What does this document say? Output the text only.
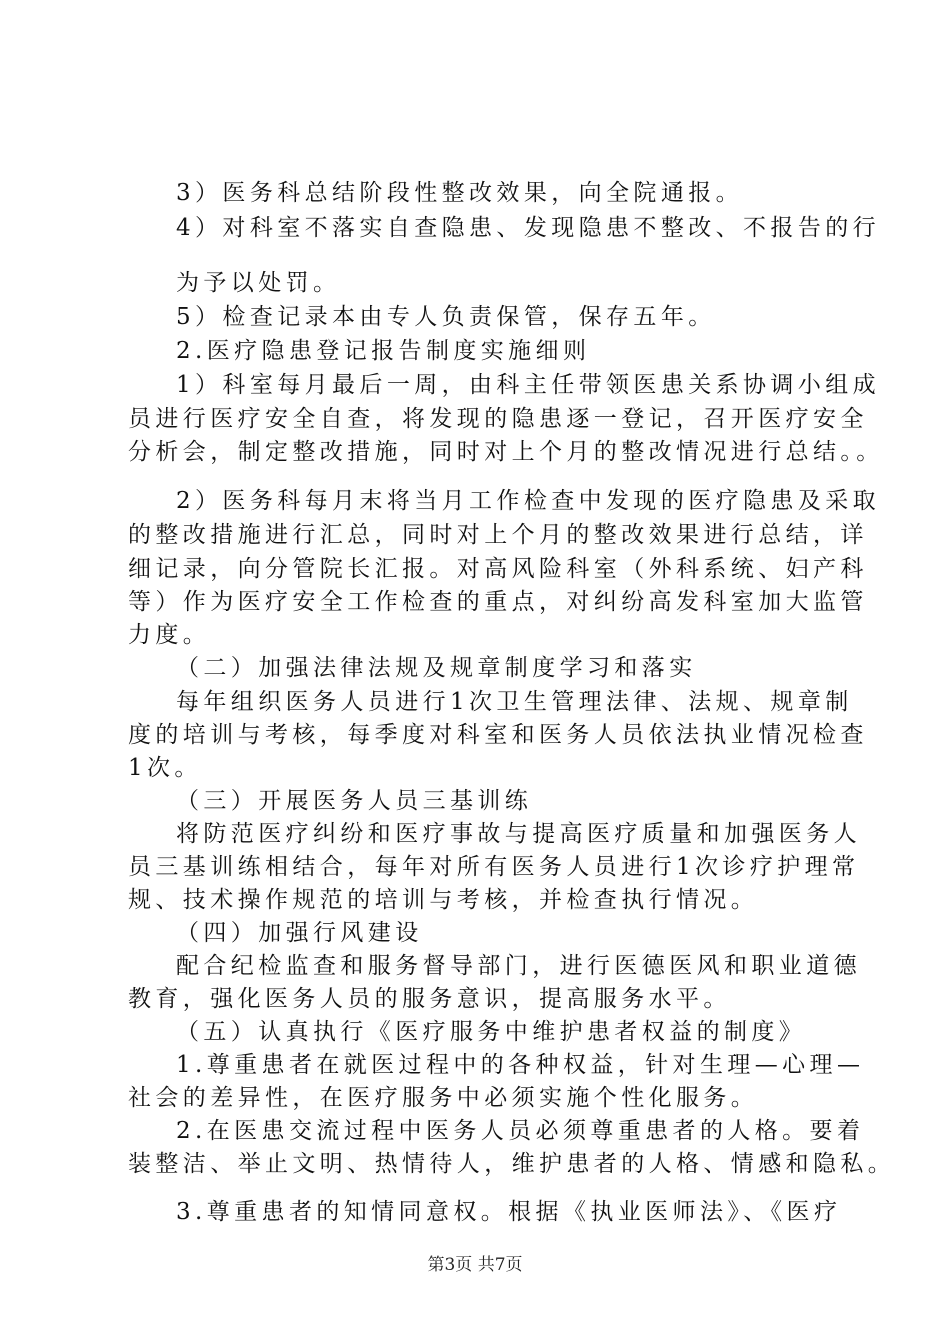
3）医务科总结阶段性整改效果，向全院通报。
4）对科室不落实自查隐患、发现隐患不整改、不报告的行
为予以处罚。
5）检查记录本由专人负责保管，保存五年。
2.医疗隐患登记报告制度实施细则
1）科室每月最后一周，由科主任带领医患关系协调小组成
员进行医疗安全自查，将发现的隐患逐一登记，召开医疗安全
分析会，制定整改措施，同时对上个月的整改情况进行总结。。
2）医务科每月末将当月工作检查中发现的医疗隐患及采取
的整改措施进行汇总，同时对上个月的整改效果进行总结，详
细记录，向分管院长汇报。对高风险科室（外科系统、妇产科
等）作为医疗安全工作检查的重点，对纠纷高发科室加大监管
力度。
（二）加强法律法规及规章制度学习和落实
每年组织医务人员进行1次卫生管理法律、法规、规章制
度的培训与考核，每季度对科室和医务人员依法执业情况检查
1次。
（三）开展医务人员三基训练
将防范医疗纠纷和医疗事故与提高医疗质量和加强医务人
员三基训练相结合，每年对所有医务人员进行1次诊疗护理常
规、技术操作规范的培训与考核，并检查执行情况。
（四）加强行风建设
配合纪检监查和服务督导部门，进行医德医风和职业道德
教育，强化医务人员的服务意识，提高服务水平。
（五）认真执行《医疗服务中维护患者权益的制度》
1.尊重患者在就医过程中的各种权益，针对生理—心理—
社会的差异性，在医疗服务中必须实施个性化服务。
2.在医患交流过程中医务人员必须尊重患者的人格。要着
装整洁、举止文明、热情待人，维护患者的人格、情感和隐私。
3.尊重患者的知情同意权。根据《执业医师法》、《医疗
第3页 共7页
